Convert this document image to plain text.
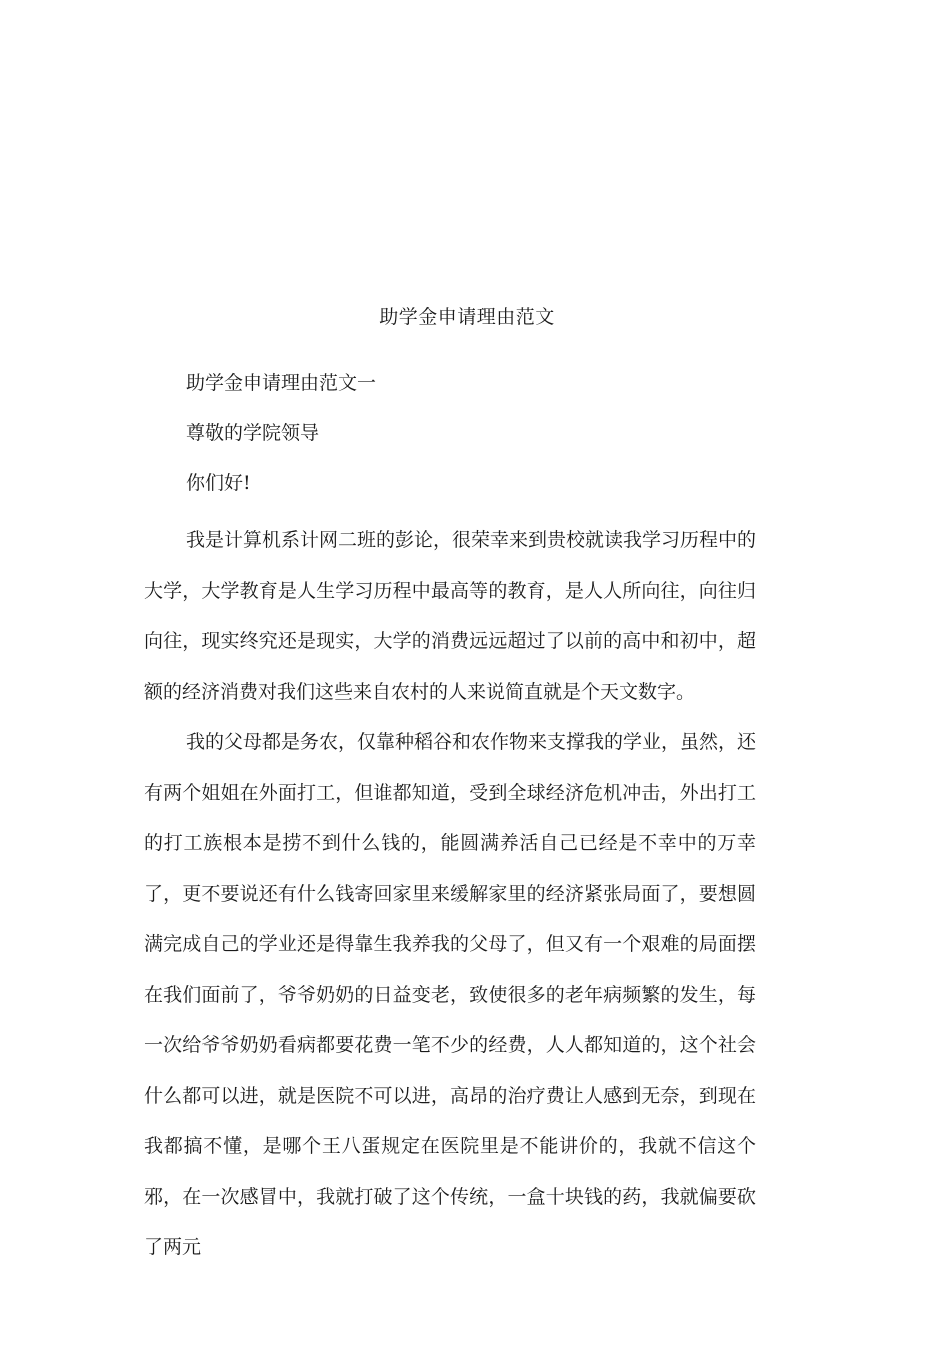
助学金申请理由范文
助学金申请理由范文一
尊敬的学院领导
你们好!

我是计算机系计网二班的彭论，很荣幸来到贵校就读我学习历程中的大学，大学教育是人生学习历程中最高等的教育，是人人所向往，向往归向往，现实终究还是现实，大学的消费远远超过了以前的高中和初中，超额的经济消费对我们这些来自农村的人来说简直就是个天文数字。

我的父母都是务农，仅靠种稻谷和农作物来支撑我的学业，虽然，还有两个姐姐在外面打工，但谁都知道，受到全球经济危机冲击，外出打工的打工族根本是捞不到什么钱的，能圆满养活自己已经是不幸中的万幸了，更不要说还有什么钱寄回家里来缓解家里的经济紧张局面了，要想圆满完成自己的学业还是得靠生我养我的父母了，但又有一个艰难的局面摆在我们面前了，爷爷奶奶的日益变老，致使很多的老年病频繁的发生，每一次给爷爷奶奶看病都要花费一笔不少的经费，人人都知道的，这个社会什么都可以进，就是医院不可以进，高昂的治疗费让人感到无奈，到现在我都搞不懂，是哪个王八蛋规定在医院里是不能讲价的，我就不信这个邪，在一次感冒中，我就打破了这个传统，一盒十块钱的药，我就偏要砍了两元
